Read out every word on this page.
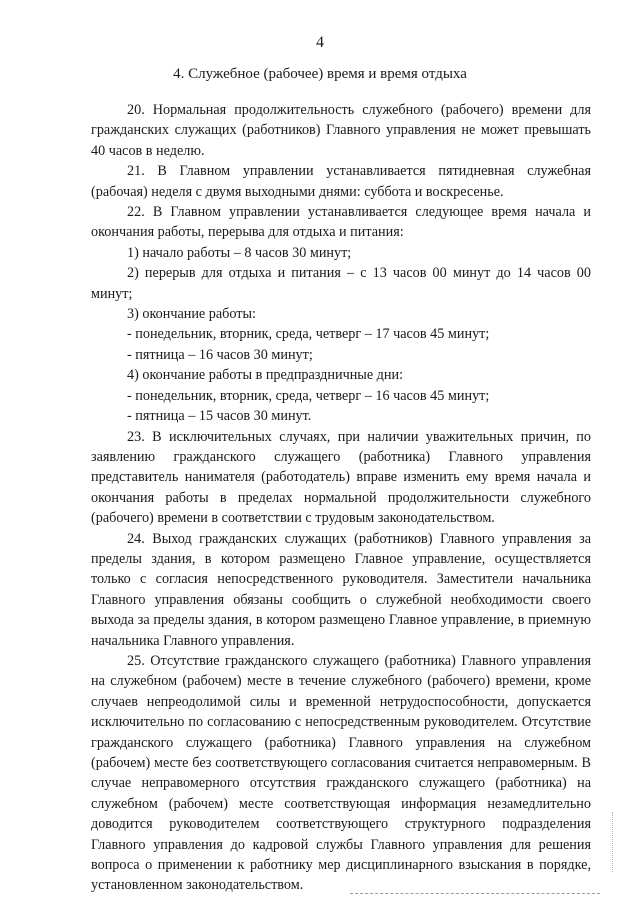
4
4. Служебное (рабочее) время и время отдыха

20. Нормальная продолжительность служебного (рабочего) времени для гражданских служащих (работников) Главного управления не может превышать 40 часов в неделю.

21. В Главном управлении устанавливается пятидневная служебная (рабочая) неделя с двумя выходными днями: суббота и воскресенье.

22. В Главном управлении устанавливается следующее время начала и окончания работы, перерыва для отдыха и питания:

1) начало работы – 8 часов 30 минут;

2) перерыв для отдыха и питания – с 13 часов 00 минут до 14 часов 00 минут;

3) окончание работы:

- понедельник, вторник, среда, четверг – 17 часов 45 минут;

- пятница – 16 часов 30 минут;

4) окончание работы в предпраздничные дни:

- понедельник, вторник, среда, четверг – 16 часов 45 минут;

- пятница – 15 часов 30 минут.

23. В исключительных случаях, при наличии уважительных причин, по заявлению гражданского служащего (работника) Главного управления представитель нанимателя (работодатель) вправе изменить ему время начала и окончания работы в пределах нормальной продолжительности служебного (рабочего) времени в соответствии с трудовым законодательством.

24. Выход гражданских служащих (работников) Главного управления за пределы здания, в котором размещено Главное управление, осуществляется только с согласия непосредственного руководителя. Заместители начальника Главного управления обязаны сообщить о служебной необходимости своего выхода за пределы здания, в котором размещено Главное управление, в приемную начальника Главного управления.

25. Отсутствие гражданского служащего (работника) Главного управления на служебном (рабочем) месте в течение служебного (рабочего) времени, кроме случаев непреодолимой силы и временной нетрудоспособности, допускается исключительно по согласованию с непосредственным руководителем. Отсутствие гражданского служащего (работника) Главного управления на служебном (рабочем) месте без соответствующего согласования считается неправомерным. В случае неправомерного отсутствия гражданского служащего (работника) на служебном (рабочем) месте соответствующая информация незамедлительно доводится руководителем соответствующего структурного подразделения Главного управления до кадровой службы Главного управления для решения вопроса о применении к работнику мер дисциплинарного взыскания в порядке, установленном законодательством.
